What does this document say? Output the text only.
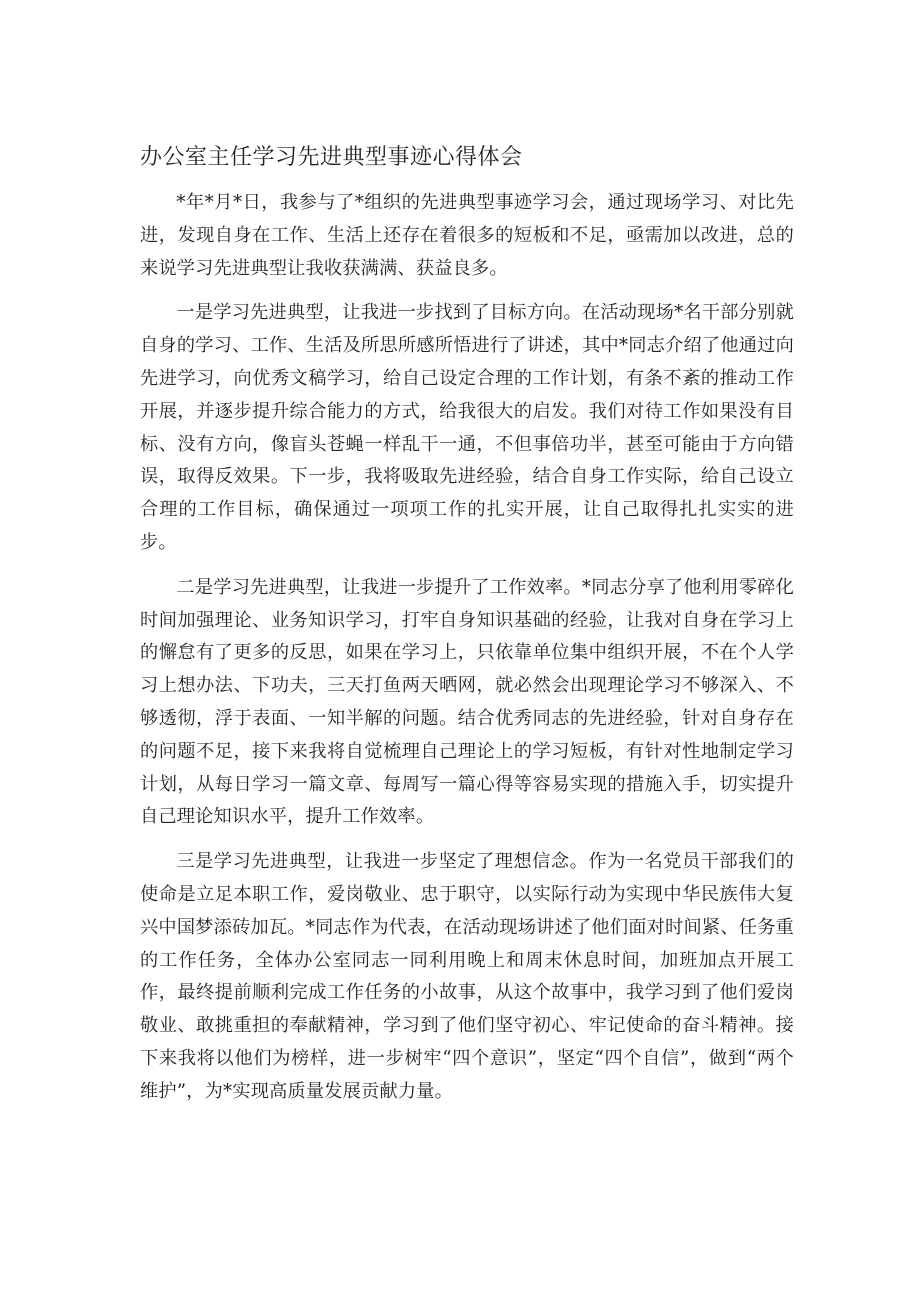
办公室主任学习先进典型事迹心得体会

*年*月*日，我参与了*组织的先进典型事迹学习会，通过现场学习、对比先进，发现自身在工作、生活上还存在着很多的短板和不足，亟需加以改进，总的来说学习先进典型让我收获满满、获益良多。

一是学习先进典型，让我进一步找到了目标方向。在活动现场*名干部分别就自身的学习、工作、生活及所思所感所悟进行了讲述，其中*同志介绍了他通过向先进学习，向优秀文稿学习，给自己设定合理的工作计划，有条不紊的推动工作开展，并逐步提升综合能力的方式，给我很大的启发。我们对待工作如果没有目标、没有方向，像盲头苍蝇一样乱干一通，不但事倍功半，甚至可能由于方向错误，取得反效果。下一步，我将吸取先进经验，结合自身工作实际，给自己设立合理的工作目标，确保通过一项项工作的扎实开展，让自己取得扎扎实实的进步。

二是学习先进典型，让我进一步提升了工作效率。*同志分享了他利用零碎化时间加强理论、业务知识学习，打牢自身知识基础的经验，让我对自身在学习上的懈怠有了更多的反思，如果在学习上，只依靠单位集中组织开展，不在个人学习上想办法、下功夫，三天打鱼两天晒网，就必然会出现理论学习不够深入、不够透彻，浮于表面、一知半解的问题。结合优秀同志的先进经验，针对自身存在的问题不足，接下来我将自觉梳理自己理论上的学习短板，有针对性地制定学习计划，从每日学习一篇文章、每周写一篇心得等容易实现的措施入手，切实提升自己理论知识水平，提升工作效率。

三是学习先进典型，让我进一步坚定了理想信念。作为一名党员干部我们的使命是立足本职工作，爱岗敬业、忠于职守，以实际行动为实现中华民族伟大复兴中国梦添砖加瓦。*同志作为代表，在活动现场讲述了他们面对时间紧、任务重的工作任务，全体办公室同志一同利用晚上和周末休息时间，加班加点开展工作，最终提前顺利完成工作任务的小故事，从这个故事中，我学习到了他们爱岗敬业、敢挑重担的奉献精神，学习到了他们坚守初心、牢记使命的奋斗精神。接下来我将以他们为榜样，进一步树牢“四个意识”，坚定“四个自信”，做到“两个维护”，为*实现高质量发展贡献力量。
